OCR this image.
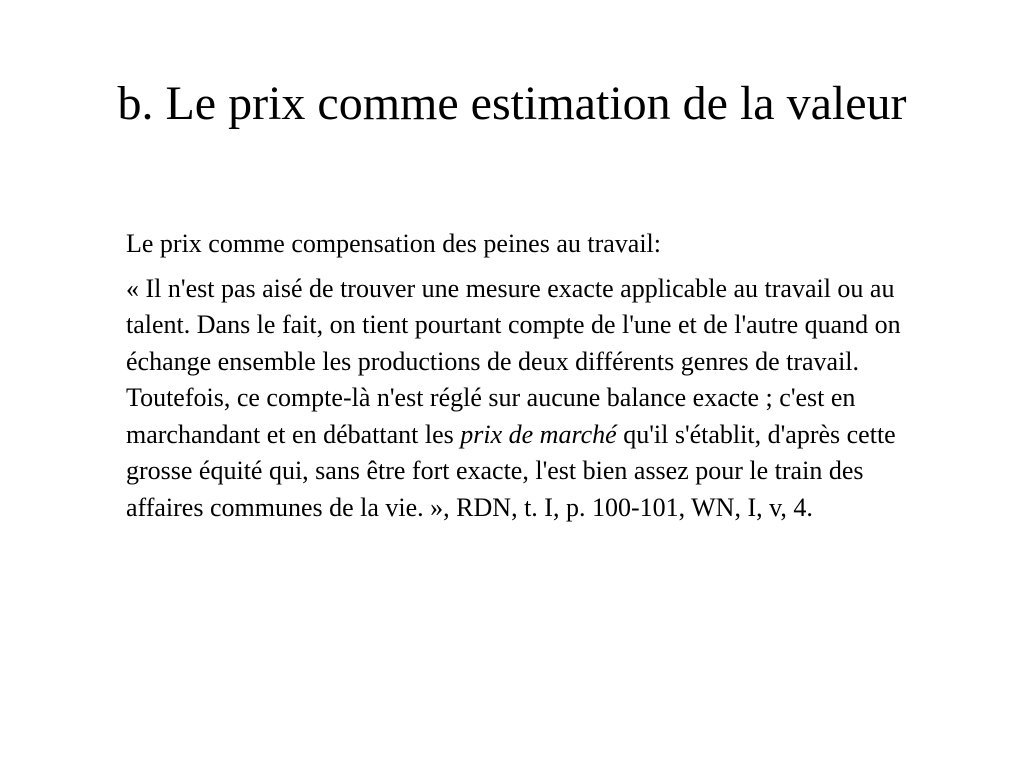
b. Le prix comme estimation de la valeur

Le prix comme compensation des peines au travail:

« Il n'est pas aisé de trouver une mesure exacte applicable au travail ou au talent. Dans le fait, on tient pourtant compte de l'une et de l'autre quand on échange ensemble les productions de deux différents genres de travail. Toutefois, ce compte-là n'est réglé sur aucune balance exacte ; c'est en marchandant et en débattant les prix de marché qu'il s'établit, d'après cette grosse équité qui, sans être fort exacte, l'est bien assez pour le train des affaires communes de la vie. », RDN, t. I, p. 100-101, WN, I, v, 4.
